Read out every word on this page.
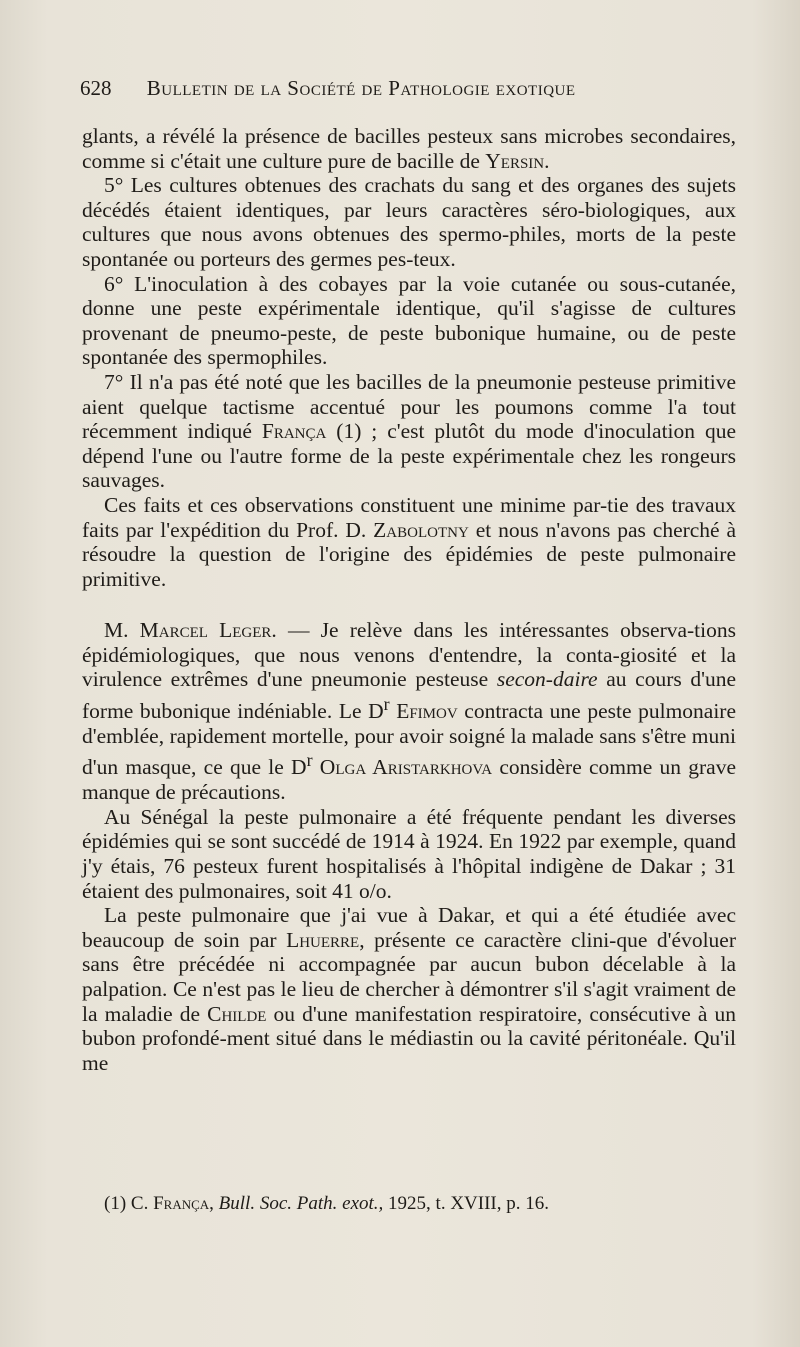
628 Bulletin de la Société de Pathologie exotique

glants, a révélé la présence de bacilles pesteux sans microbes secondaires, comme si c'était une culture pure de bacille de Yersin.

5° Les cultures obtenues des crachats du sang et des organes des sujets décédés étaient identiques, par leurs caractères séro-biologiques, aux cultures que nous avons obtenues des spermo-philes, morts de la peste spontanée ou porteurs des germes pes-teux.

6° L'inoculation à des cobayes par la voie cutanée ou sous-cutanée, donne une peste expérimentale identique, qu'il s'agisse de cultures provenant de pneumo-peste, de peste bubonique humaine, ou de peste spontanée des spermophiles.

7° Il n'a pas été noté que les bacilles de la pneumonie pesteuse primitive aient quelque tactisme accentué pour les poumons comme l'a tout récemment indiqué França (1) ; c'est plutôt du mode d'inoculation que dépend l'une ou l'autre forme de la peste expérimentale chez les rongeurs sauvages.

Ces faits et ces observations constituent une minime par-tie des travaux faits par l'expédition du Prof. D. Zabolotny et nous n'avons pas cherché à résoudre la question de l'origine des épidémies de peste pulmonaire primitive.

M. Marcel Leger. — Je relève dans les intéressantes observa-tions épidémiologiques, que nous venons d'entendre, la conta-giosité et la virulence extrêmes d'une pneumonie pesteuse secon-daire au cours d'une forme bubonique indéniable. Le $D^r$ Efimov contracta une peste pulmonaire d'emblée, rapidement mortelle, pour avoir soigné la malade sans s'être muni d'un masque, ce que le $D^r$ Olga Aristarkhova considère comme un grave manque de précautions.

Au Sénégal la peste pulmonaire a été fréquente pendant les diverses épidémies qui se sont succédé de 1914 à 1924. En 1922 par exemple, quand j'y étais, 76 pesteux furent hospitalisés à l'hôpital indigène de Dakar ; 31 étaient des pulmonaires, soit 41 o/o.

La peste pulmonaire que j'ai vue à Dakar, et qui a été étudiée avec beaucoup de soin par Lhuerre, présente ce caractère clini-que d'évoluer sans être précédée ni accompagnée par aucun bubon décelable à la palpation. Ce n'est pas le lieu de chercher à démontrer s'il s'agit vraiment de la maladie de Childe ou d'une manifestation respiratoire, consécutive à un bubon profondé-ment situé dans le médiastin ou la cavité péritonéale. Qu'il me

(1) C. França, Bull. Soc. Path. exot., 1925, t. XVIII, p. 16.
